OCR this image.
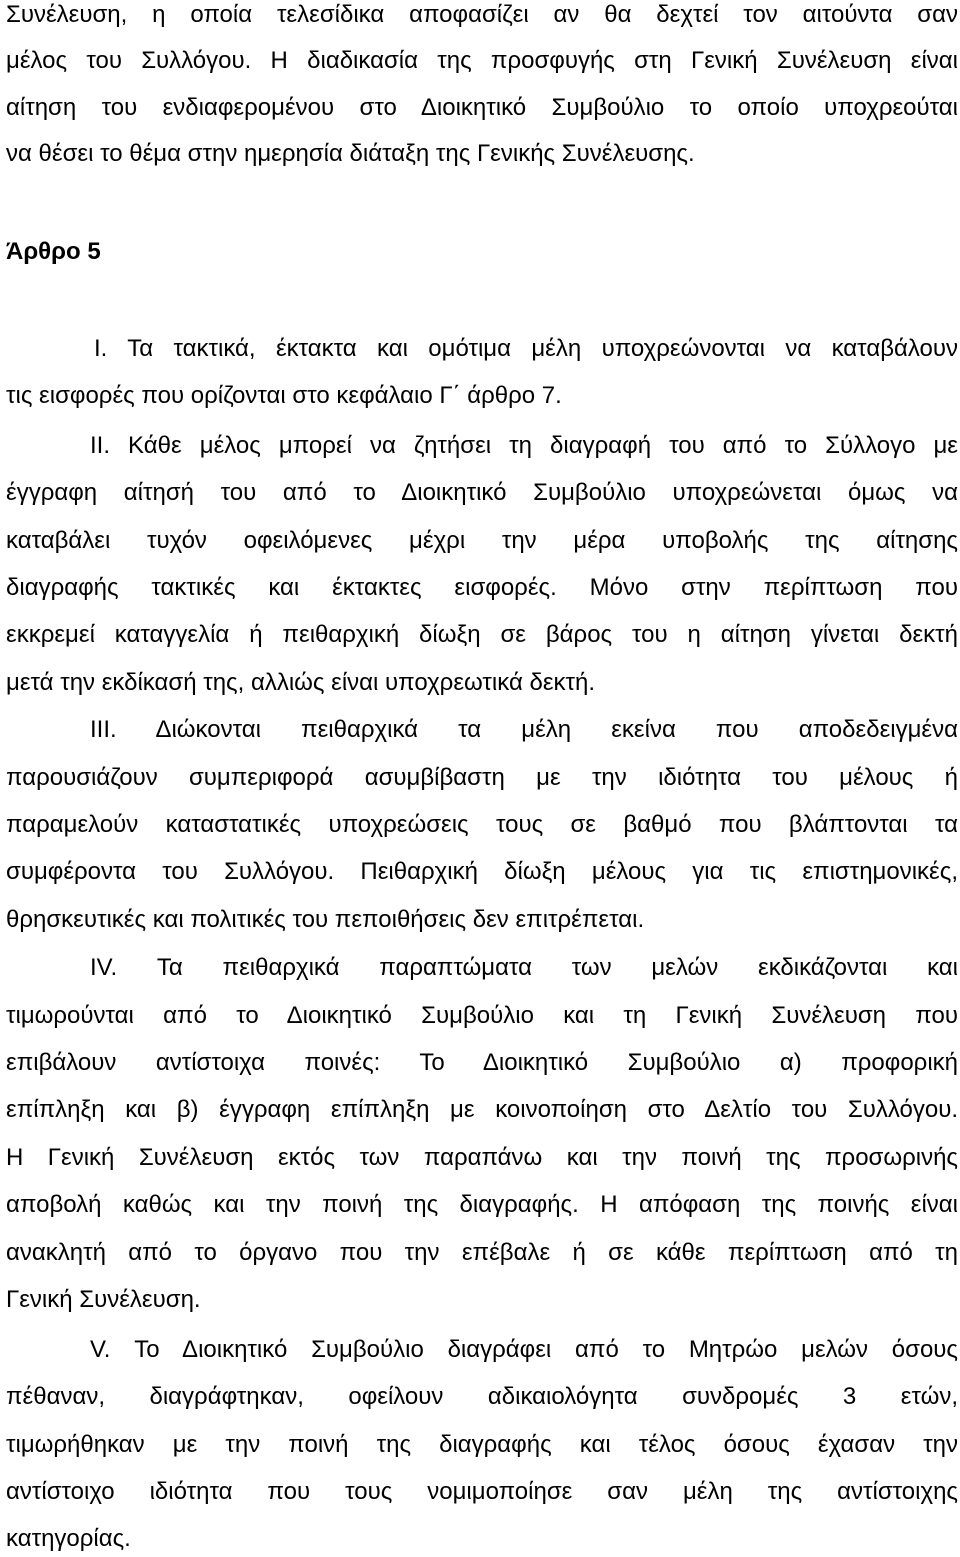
Συνέλευση, η οποία τελεσίδικα αποφασίζει αν θα δεχτεί τον αιτούντα σαν
μέλος του Συλλόγου. Η διαδικασία της προσφυγής στη Γενική Συνέλευση είναι
αίτηση του ενδιαφερομένου στο Διοικητικό Συμβούλιο το οποίο υποχρεούται
να θέσει το θέμα στην ημερησία διάταξη της Γενικής Συνέλευσης.
Άρθρο 5
Ι. Τα τακτικά, έκτακτα και ομότιμα μέλη υποχρεώνονται να καταβάλουν
τις εισφορές που ορίζονται στο κεφάλαιο Γ΄ άρθρο 7.
ΙΙ. Κάθε μέλος μπορεί να ζητήσει τη διαγραφή του από το Σύλλογο με
έγγραφη αίτησή του από το Διοικητικό Συμβούλιο υποχρεώνεται όμως να
καταβάλει τυχόν οφειλόμενες μέχρι την μέρα υποβολής της αίτησης
διαγραφής τακτικές και έκτακτες εισφορές. Μόνο στην περίπτωση που
εκκρεμεί καταγγελία ή πειθαρχική δίωξη σε βάρος του η αίτηση γίνεται δεκτή
μετά την εκδίκασή της, αλλιώς είναι υποχρεωτικά δεκτή.
ΙΙΙ. Διώκονται πειθαρχικά τα μέλη εκείνα που αποδεδειγμένα
παρουσιάζουν συμπεριφορά ασυμβίβαστη με την ιδιότητα του μέλους ή
παραμελούν καταστατικές υποχρεώσεις τους σε βαθμό που βλάπτονται τα
συμφέροντα του Συλλόγου. Πειθαρχική δίωξη μέλους για τις επιστημονικές,
θρησκευτικές και πολιτικές του πεποιθήσεις δεν επιτρέπεται.
ΙV. Τα πειθαρχικά παραπτώματα των μελών εκδικάζονται και
τιμωρούνται από το Διοικητικό Συμβούλιο και τη Γενική Συνέλευση που
επιβάλουν αντίστοιχα ποινές: Το Διοικητικό Συμβούλιο α) προφορική
επίπληξη και β) έγγραφη επίπληξη με κοινοποίηση στο Δελτίο του Συλλόγου.
Η Γενική Συνέλευση εκτός των παραπάνω και την ποινή της προσωρινής
αποβολή καθώς και την ποινή της διαγραφής. Η απόφαση της ποινής είναι
ανακλητή από το όργανο που την επέβαλε ή σε κάθε περίπτωση από τη
Γενική Συνέλευση.
V. Το Διοικητικό Συμβούλιο διαγράφει από το Μητρώο μελών όσους
πέθαναν, διαγράφτηκαν, οφείλουν αδικαιολόγητα συνδρομές 3 ετών,
τιμωρήθηκαν με την ποινή της διαγραφής και τέλος όσους έχασαν την
αντίστοιχο ιδιότητα που τους νομιμοποίησε σαν μέλη της αντίστοιχης
κατηγορίας.
